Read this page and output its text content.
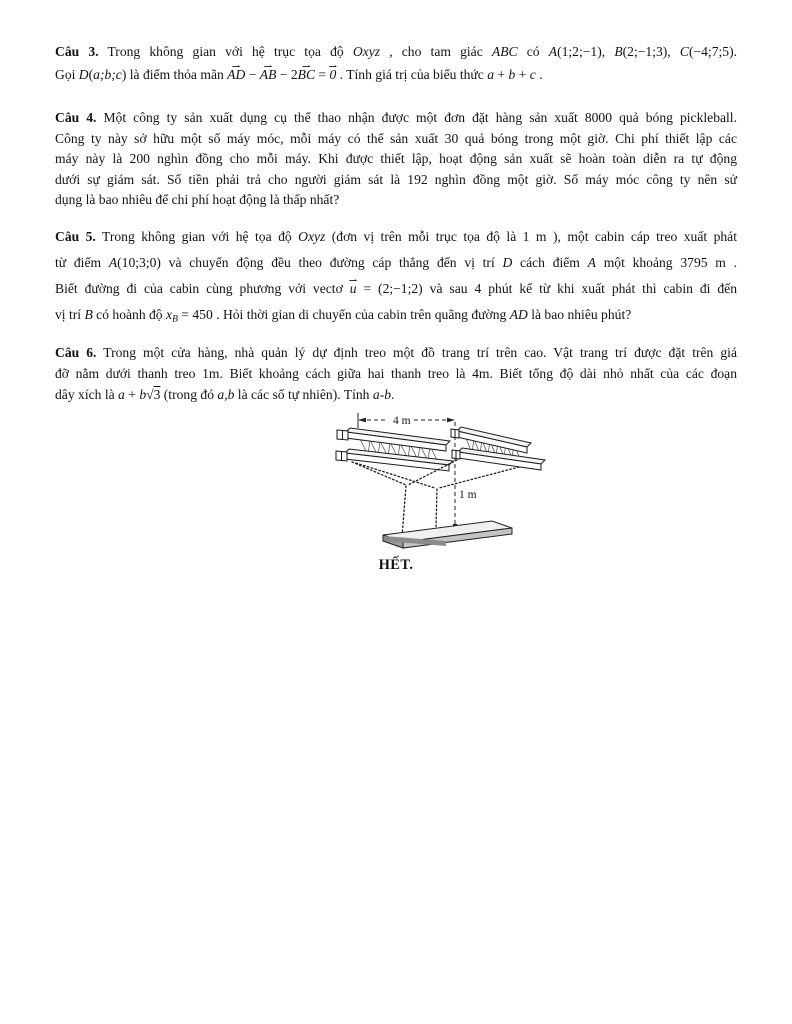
Câu 3. Trong không gian với hệ trục tọa độ Oxyz , cho tam giác ABC có A(1;2;−1), B(2;−1;3), C(−4;7;5).
Gọi D(a;b;c) là điểm thỏa mãn ⇀ AD − ⇀ AB − 2⇀ BC = ⇀ 0 . Tính giá trị của biểu thức a + b + c .
Câu 4. Một công ty sản xuất dụng cụ thể thao nhận được một đơn đặt hàng sản xuất 8000 quả bóng pickleball.
Công ty này sở hữu một số máy móc, mỗi máy có thể sản xuất 30 quả bóng trong một giờ. Chi phí thiết lập các
máy này là 200 nghìn đồng cho mỗi máy. Khi được thiết lập, hoạt động sản xuất sẽ hoàn toàn diễn ra tự động
dưới sự giám sát. Số tiền phải trả cho người giám sát là 192 nghìn đồng một giờ. Số máy móc công ty nên sử
dụng là bao nhiêu để chi phí hoạt động là thấp nhất?
Câu 5. Trong không gian với hệ tọa độ Oxyz (đơn vị trên mỗi trục tọa độ là 1 m ), một cabin cáp treo xuất phát
từ điểm A(10;3;0) và chuyển động đều theo đường cáp thẳng đến vị trí D cách điểm A một khoảng 3795 m .
Biết đường đi của cabin cùng phương với vectơ ⇀ u = (2;−1;2) và sau 4 phút kể từ khi xuất phát thì cabin đi đến
vị trí B có hoành độ xB = 450 . Hỏi thời gian di chuyển của cabin trên quãng đường AD là bao nhiêu phút?
Câu 6. Trong một cửa hàng, nhà quản lý dự định treo một đồ trang trí trên cao. Vật trang trí được đặt trên giá
đỡ nằm dưới thanh treo 1m. Biết khoảng cách giữa hai thanh treo là 4m. Biết tổng độ dài nhỏ nhất của các đoạn
dây xích là a + b√3 (trong đó a,b là các số tự nhiên). Tính a-b.
4 m
1 m
HẾT.
